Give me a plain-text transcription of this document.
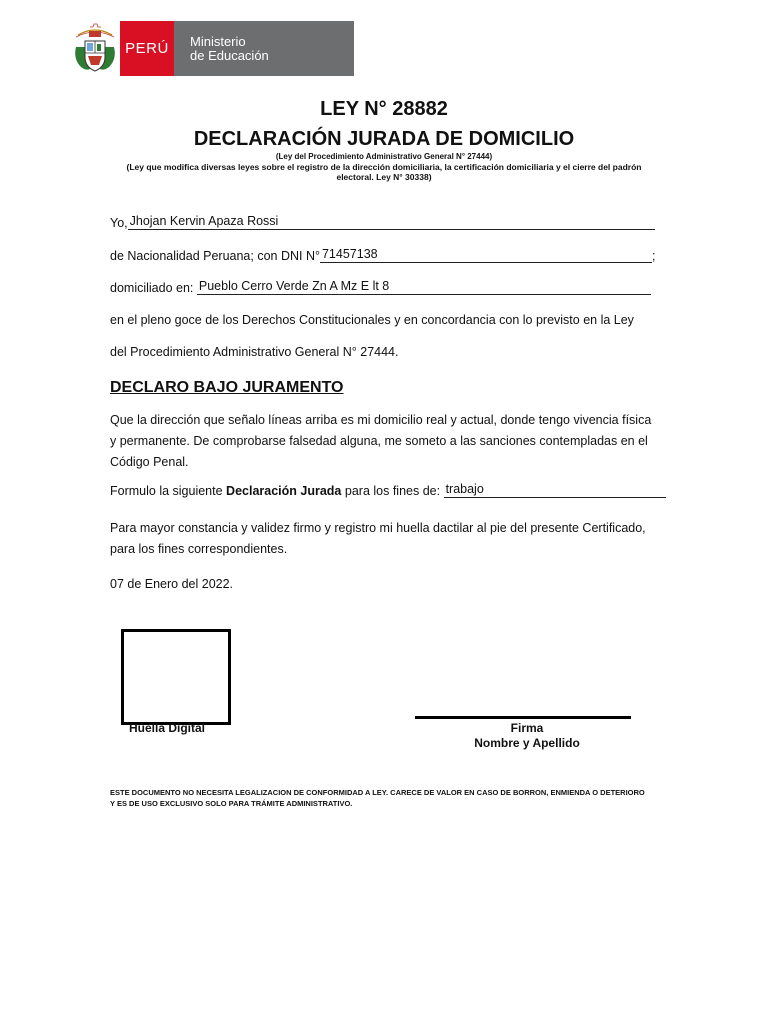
PERÚ	Ministerio
de Educación
LEY N° 28882
DECLARACIÓN JURADA DE DOMICILIO
(Ley del Procedimiento Administrativo General N° 27444)
(Ley que modifica diversas leyes sobre el registro de la dirección domiciliaria, la certificación domiciliaria y el cierre del padrón electoral. Ley N° 30338)
Yo, Jhojan Kervin Apaza Rossi
de Nacionalidad Peruana; con DNI N° 71457138	;
domiciliado en: Pueblo Cerro Verde Zn A Mz E lt 8
en el pleno goce de los Derechos Constitucionales y en concordancia con lo previsto en la Ley
del Procedimiento Administrativo General N° 27444.
DECLARO BAJO JURAMENTO
Que la dirección que señalo líneas arriba es mi domicilio real y actual, donde tengo vivencia física y permanente. De comprobarse falsedad alguna, me someto a las sanciones contempladas en el Código Penal.
Formulo la siguiente Declaración Jurada para los fines de: trabajo
Para mayor constancia y validez firmo y registro mi huella dactilar al pie del presente Certificado, para los fines correspondientes.
07 de Enero del 2022.
Huella Digital	Firma
Nombre y Apellido
ESTE DOCUMENTO NO NECESITA LEGALIZACION DE CONFORMIDAD A LEY. CARECE DE VALOR EN CASO DE BORRON, ENMIENDA O DETERIORO Y ES DE USO EXCLUSIVO SOLO PARA TRÁMITE ADMINISTRATIVO.
